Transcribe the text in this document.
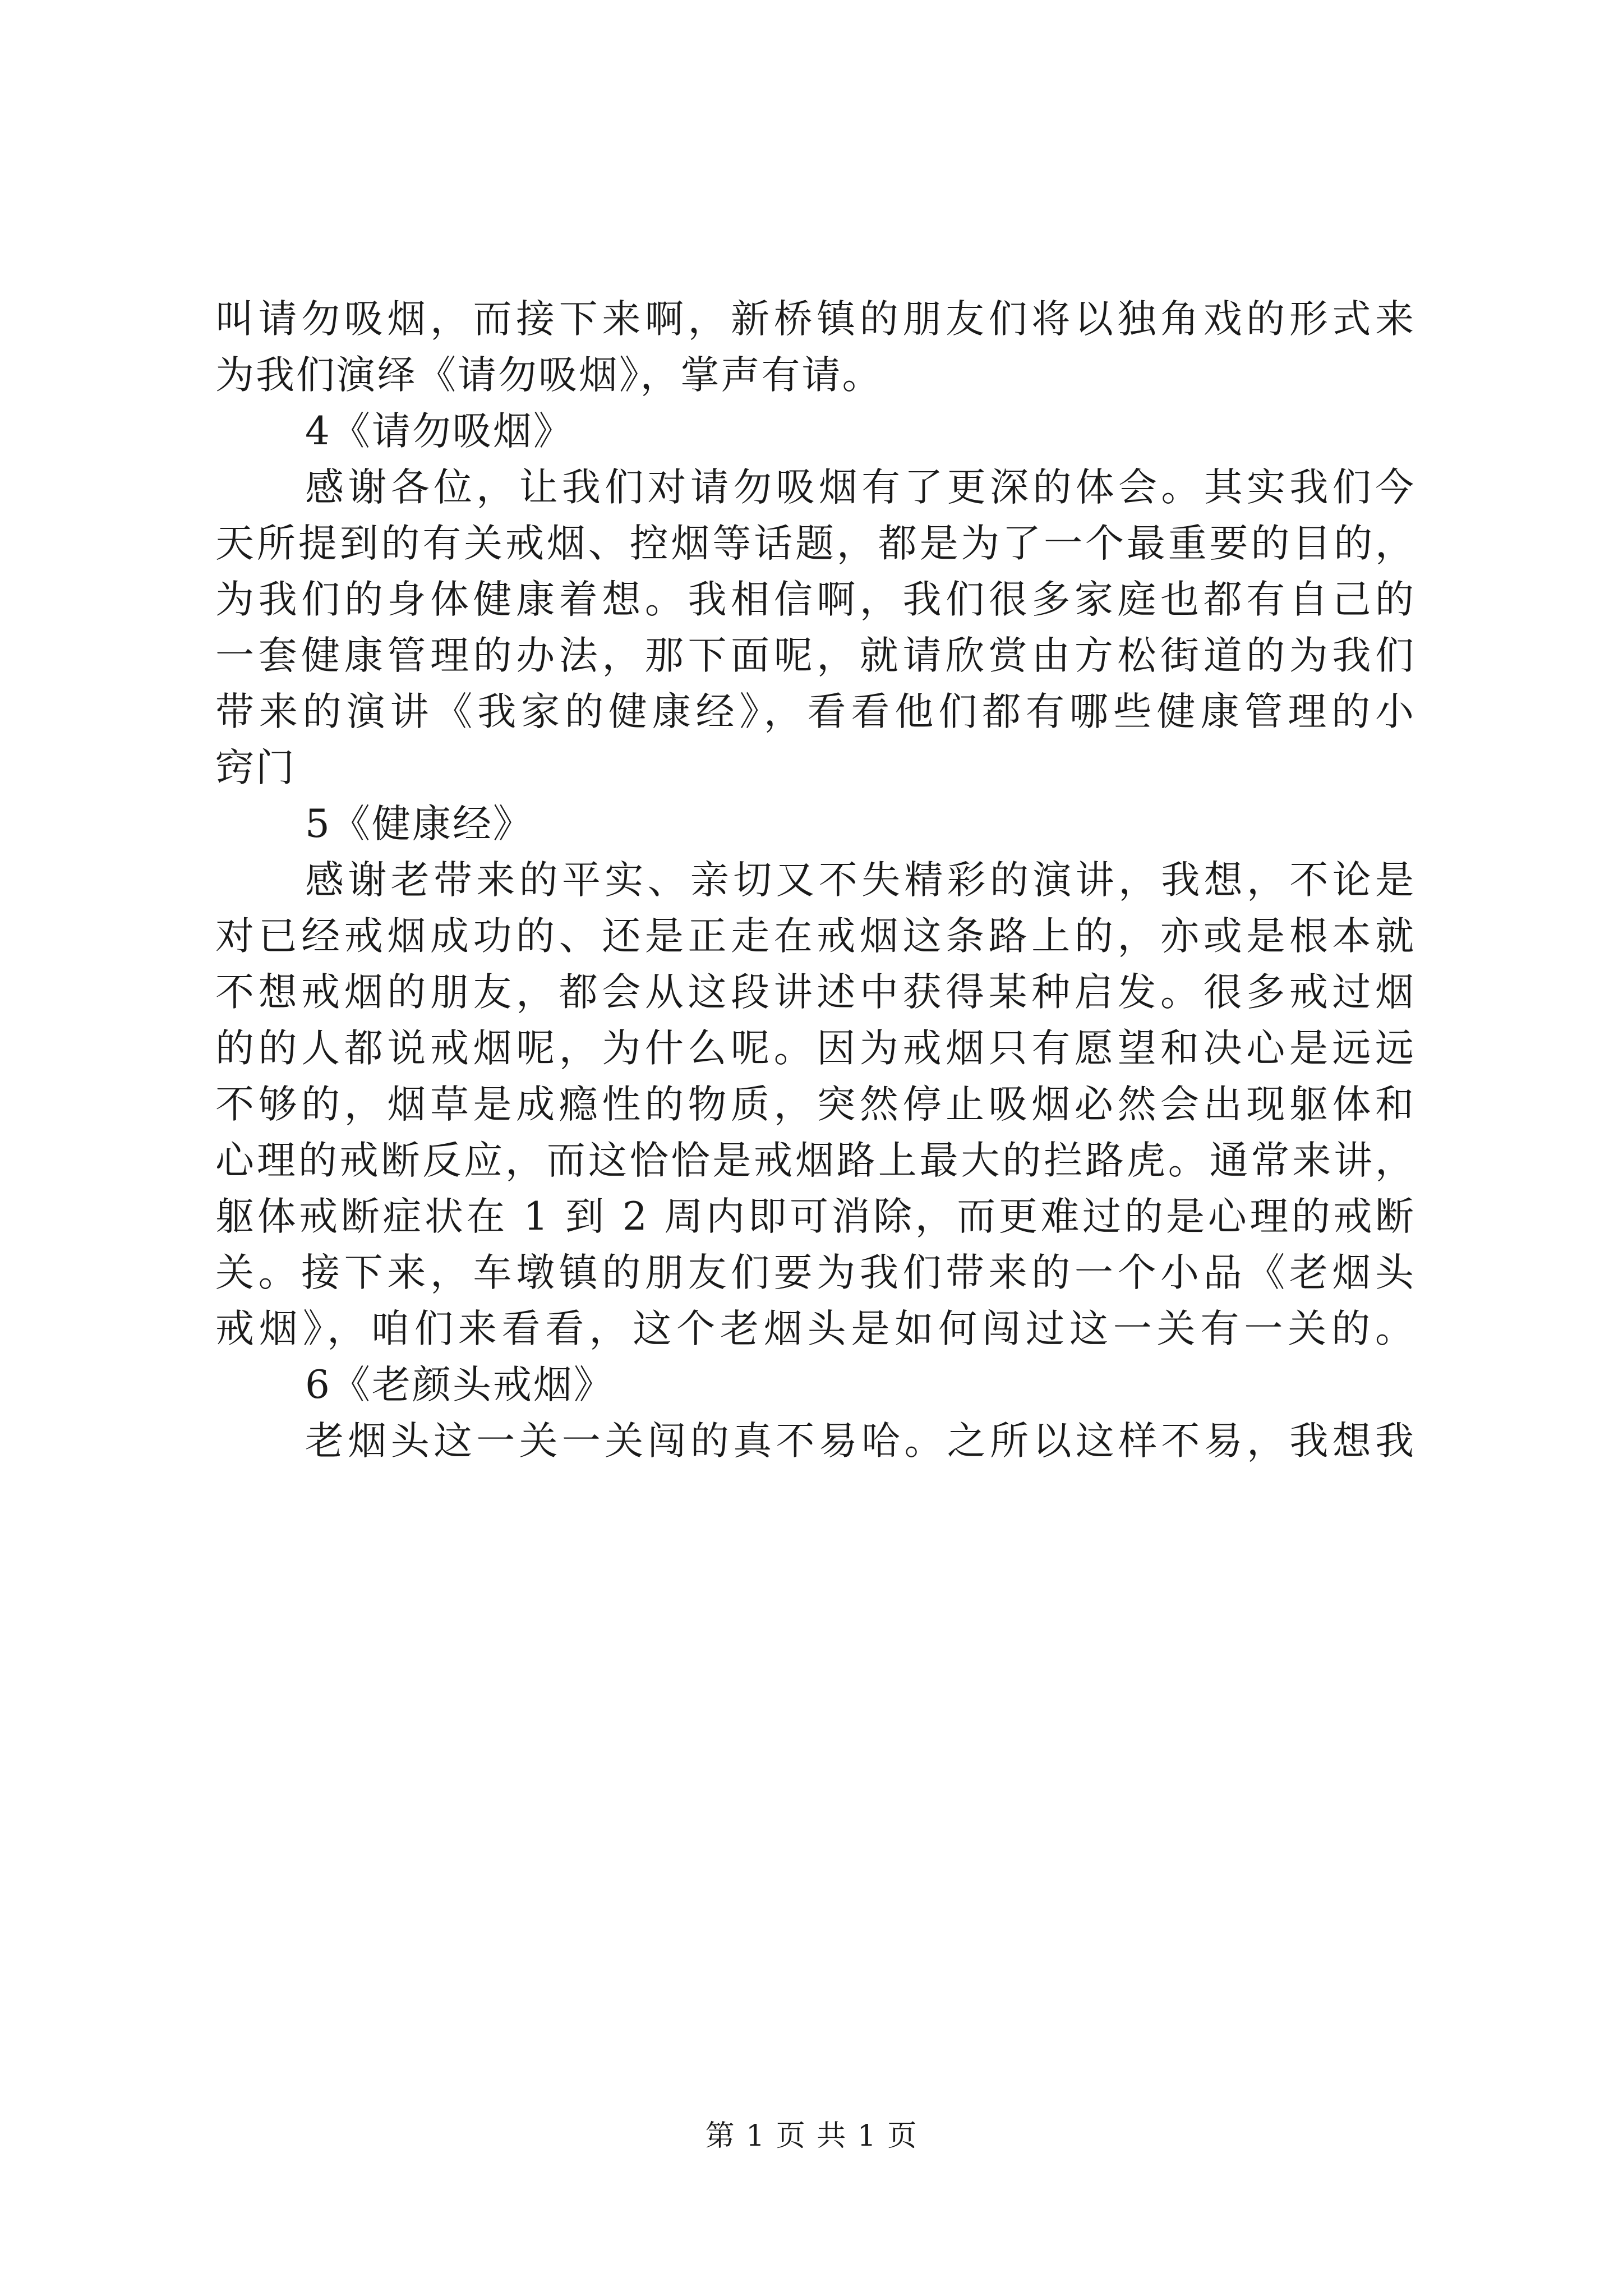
叫请勿吸烟，而接下来啊，新桥镇的朋友们将以独角戏的形式来
为我们演绎《请勿吸烟》，掌声有请。
4《请勿吸烟》
感谢各位，让我们对请勿吸烟有了更深的体会。其实我们今
天所提到的有关戒烟、控烟等话题，都是为了一个最重要的目的，
为我们的身体健康着想。我相信啊，我们很多家庭也都有自己的
一套健康管理的办法，那下面呢，就请欣赏由方松街道的为我们
带来的演讲《我家的健康经》，看看他们都有哪些健康管理的小
窍门
5《健康经》
感谢老带来的平实、亲切又不失精彩的演讲，我想，不论是
对已经戒烟成功的、还是正走在戒烟这条路上的，亦或是根本就
不想戒烟的朋友，都会从这段讲述中获得某种启发。很多戒过烟
的的人都说戒烟呢，为什么呢。因为戒烟只有愿望和决心是远远
不够的，烟草是成瘾性的物质，突然停止吸烟必然会出现躯体和
心理的戒断反应，而这恰恰是戒烟路上最大的拦路虎。通常来讲，
躯体戒断症状在 1 到 2 周内即可消除，而更难过的是心理的戒断
关。接下来，车墩镇的朋友们要为我们带来的一个小品《老烟头
戒烟》，咱们来看看，这个老烟头是如何闯过这一关有一关的。
6《老颜头戒烟》
老烟头这一关一关闯的真不易哈。之所以这样不易，我想我
第 1 页 共 1 页
